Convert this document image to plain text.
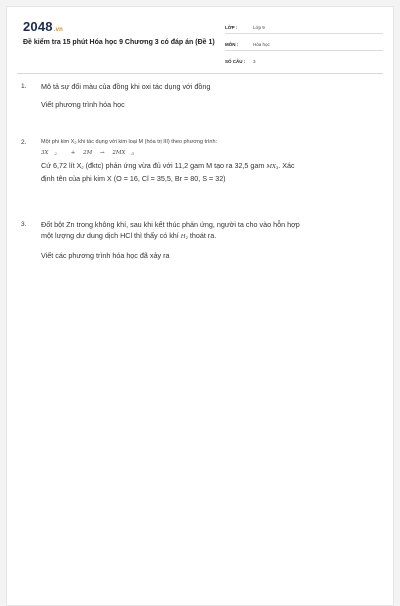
2048.vn
Đề kiểm tra 15 phút Hóa học 9 Chương 3 có đáp án (Đề 1)
LỚP :	Lớp 9
MÔN :	Hóa học
SỐ CÂU :	3
1. Mô tả sự đổi màu của đồng khi oxi tác dụng với đồng
Viết phương trình hóa học
2.	Một phi kim $X_2$ khi tác dụng với kim loại M (hóa trị III) theo phương trình:
3X $_2$	+ 2M → 2MX $_3$
Cứ 6,72 lít $X_2$ (đktc) phản ứng vừa đủ với 11,2 gam M tạo ra 32,5 gam $MX_3$. Xác
định tên của phi kim X (O = 16, Cl = 35,5, Br = 80, S = 32)
3. Đốt bột Zn trong không khí, sau khi kết thúc phản ứng, người ta cho vào hỗn hợp
một lượng dư dung dịch HCl thì thấy có khí $H_2$ thoát ra.
Viết các phương trình hóa học đã xảy ra
